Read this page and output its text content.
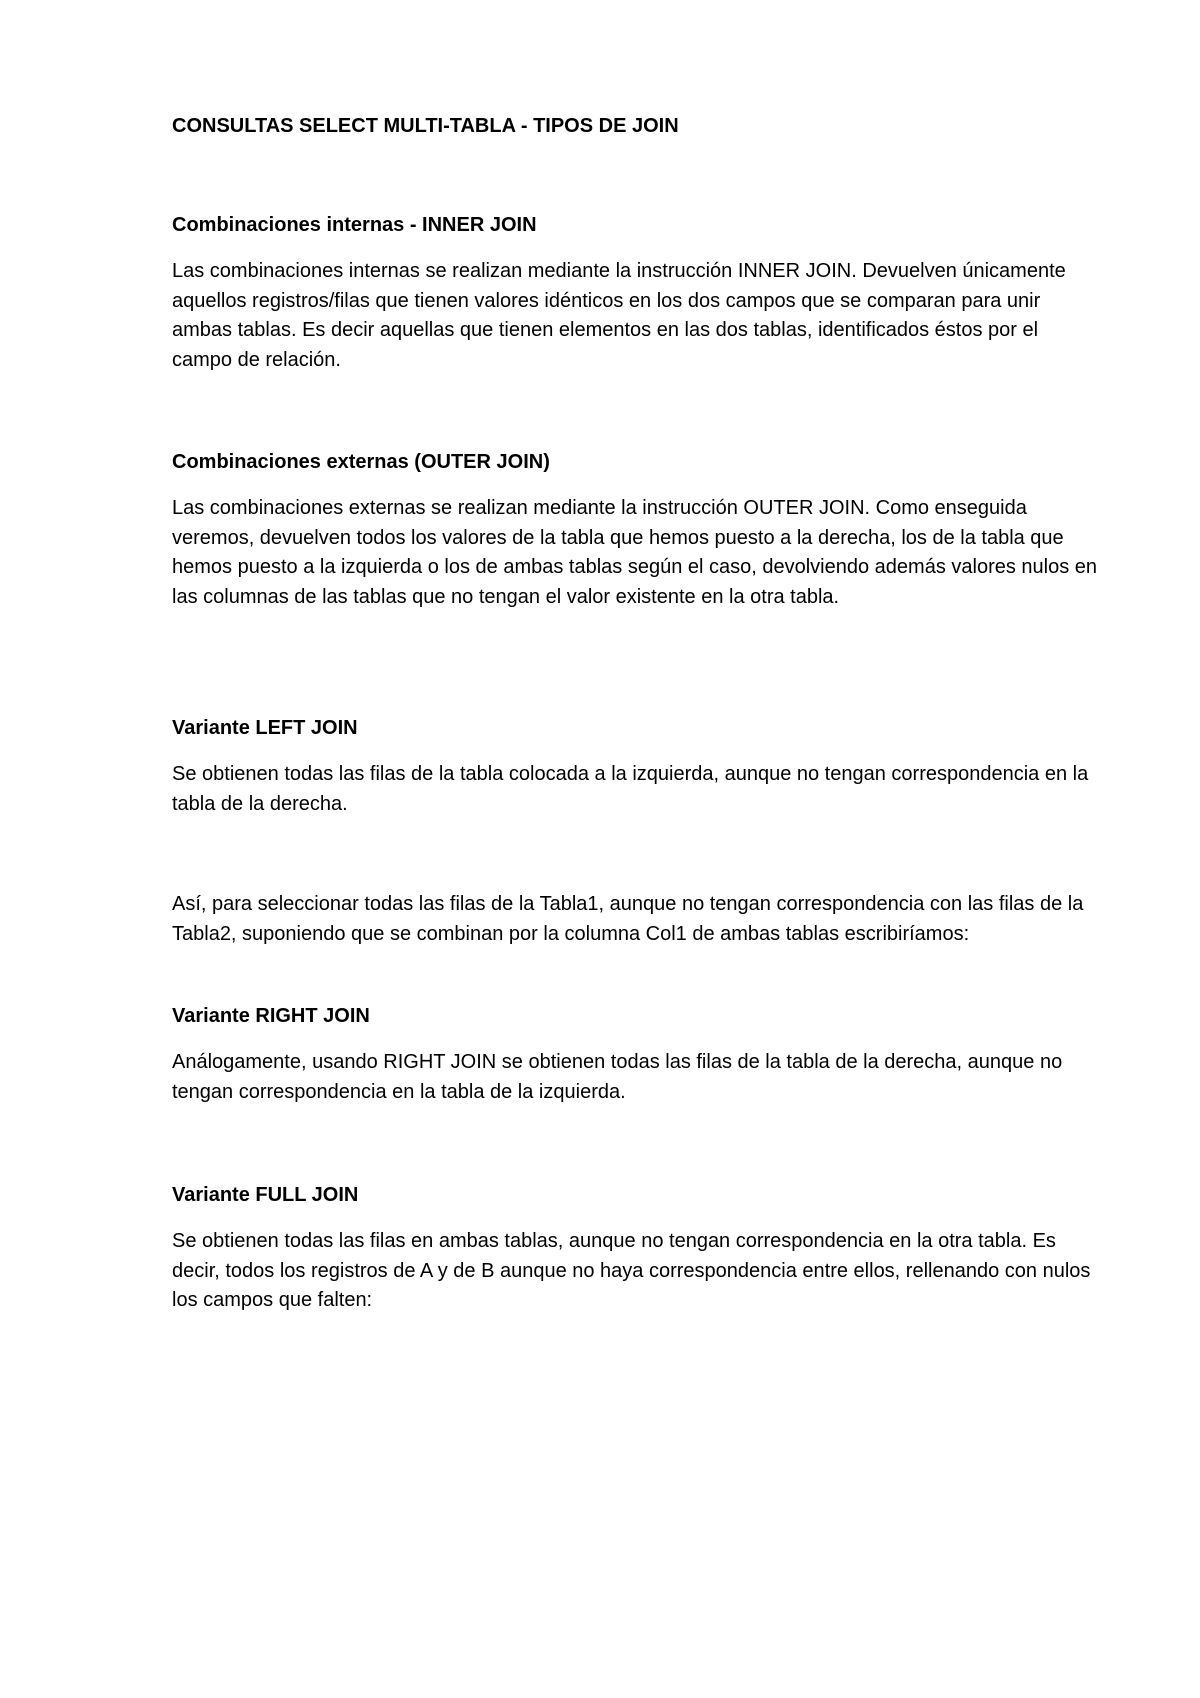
CONSULTAS SELECT MULTI-TABLA - TIPOS DE JOIN
Combinaciones internas - INNER JOIN

Las combinaciones internas se realizan mediante la instrucción INNER JOIN. Devuelven únicamente aquellos registros/filas que tienen valores idénticos en los dos campos que se comparan para unir ambas tablas. Es decir aquellas que tienen elementos en las dos tablas, identificados éstos por el campo de relación.

Combinaciones externas (OUTER JOIN)

Las combinaciones externas se realizan mediante la instrucción OUTER JOIN. Como enseguida veremos, devuelven todos los valores de la tabla que hemos puesto a la derecha, los de la tabla que hemos puesto a la izquierda o los de ambas tablas según el caso, devolviendo además valores nulos en las columnas de las tablas que no tengan el valor existente en la otra tabla.

Variante LEFT JOIN

Se obtienen todas las filas de la tabla colocada a la izquierda, aunque no tengan correspondencia en la tabla de la derecha.

Así, para seleccionar todas las filas de la Tabla1, aunque no tengan correspondencia con las filas de la Tabla2, suponiendo que se combinan por la columna Col1 de ambas tablas escribiríamos:

Variante RIGHT JOIN

Análogamente, usando RIGHT JOIN se obtienen todas las filas de la tabla de la derecha, aunque no tengan correspondencia en la tabla de la izquierda.

Variante FULL JOIN

Se obtienen todas las filas en ambas tablas, aunque no tengan correspondencia en la otra tabla. Es decir, todos los registros de A y de B aunque no haya correspondencia entre ellos, rellenando con nulos los campos que falten:
